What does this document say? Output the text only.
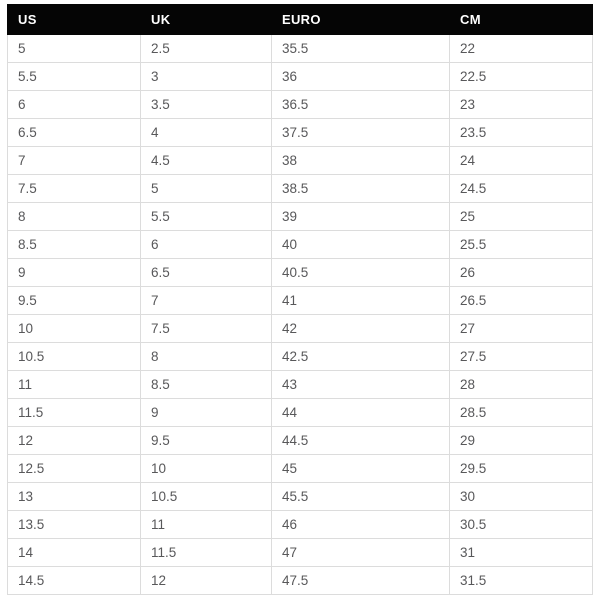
US	UK	EURO	CM
5	2.5	35.5	22
5.5	3	36	22.5
6	3.5	36.5	23
6.5	4	37.5	23.5
7	4.5	38	24
7.5	5	38.5	24.5
8	5.5	39	25
8.5	6	40	25.5
9	6.5	40.5	26
9.5	7	41	26.5
10	7.5	42	27
10.5	8	42.5	27.5
11	8.5	43	28
11.5	9	44	28.5
12	9.5	44.5	29
12.5	10	45	29.5
13	10.5	45.5	30
13.5	11	46	30.5
14	11.5	47	31
14.5	12	47.5	31.5
